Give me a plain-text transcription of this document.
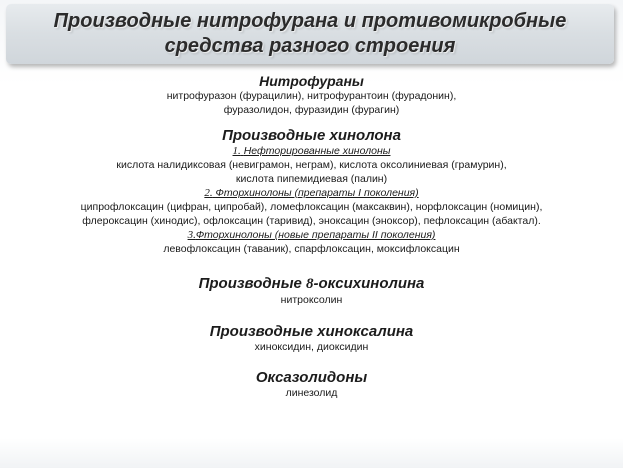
Производные нитрофурана и противомикробные средства разного строения
Нитрофураны
нитрофуразон (фурацилин), нитрофурантоин (фурадонин),
фуразолидон, фуразидин (фурагин)
Производные хинолона
1. Нефторированные хинолоны
кислота налидиксовая (невиграмон, неграм), кислота оксолиниевая (грамурин),
кислота пипемидиевая (палин)
2. Фторхинолоны (препараты I поколения)
ципрофлоксацин (цифран, ципробай), ломефлоксацин (максаквин), норфлоксацин (номицин),
флероксацин (хинодис), офлоксацин (таривид), эноксацин (эноксор), пефлоксацин (абактал).
3.Фторхинолоны (новые препараты II поколения)
левофлоксацин (таваник), спарфлоксацин, моксифлоксацин
Производные 8-оксихинолина
нитроксолин
Производные хиноксалина
хиноксидин, диоксидин
Оксазолидоны
линезолид
